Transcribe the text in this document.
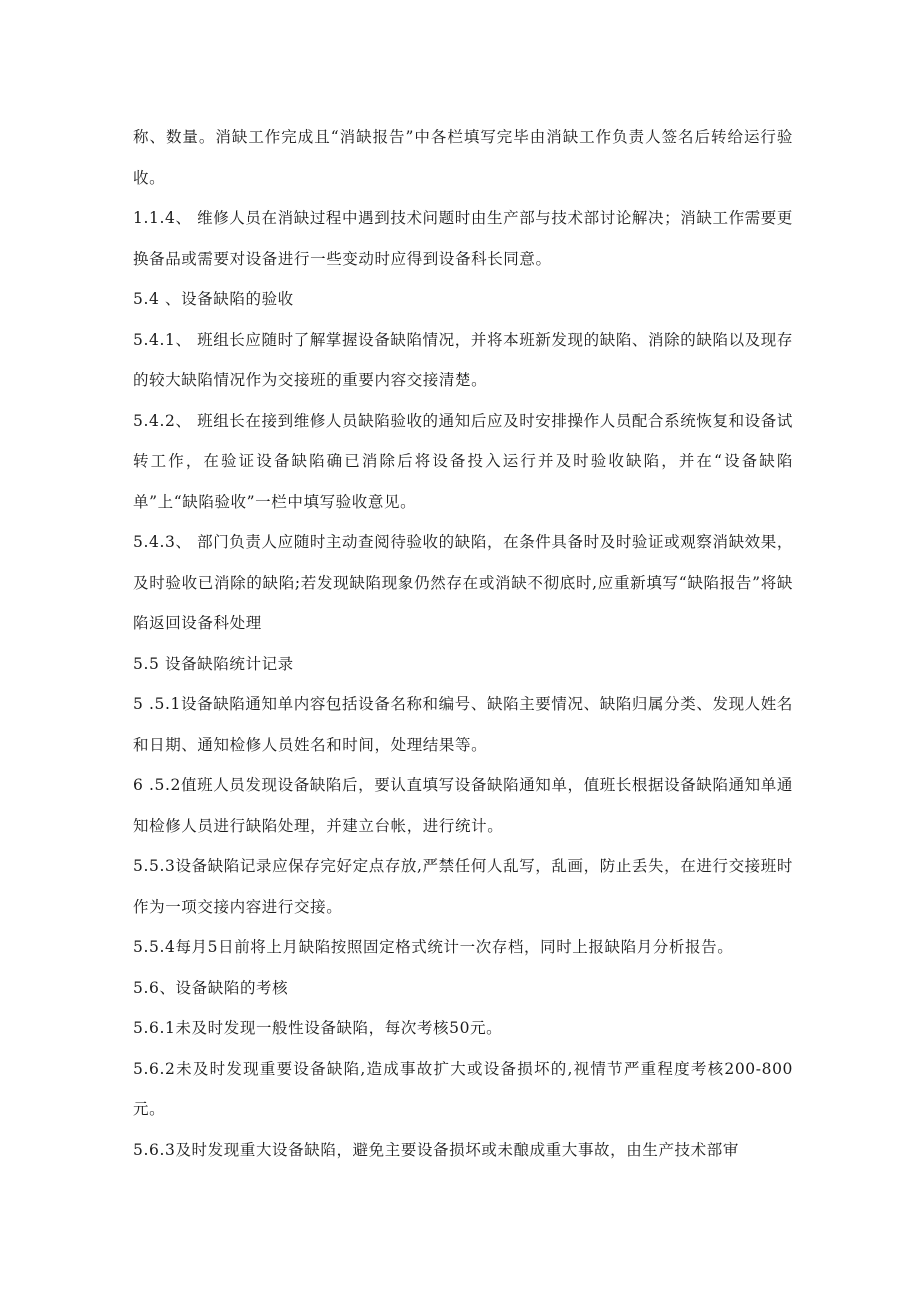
称、数量。消缺工作完成且“消缺报告”中各栏填写完毕由消缺工作负责人签名后转给运行验收。

1.1.4、 维修人员在消缺过程中遇到技术问题时由生产部与技术部讨论解决；消缺工作需要更换备品或需要对设备进行一些变动时应得到设备科长同意。

5.4 、设备缺陷的验收

5.4.1、 班组长应随时了解掌握设备缺陷情况，并将本班新发现的缺陷、消除的缺陷以及现存的较大缺陷情况作为交接班的重要内容交接清楚。

5.4.2、 班组长在接到维修人员缺陷验收的通知后应及时安排操作人员配合系统恢复和设备试转工作，在验证设备缺陷确已消除后将设备投入运行并及时验收缺陷，并在“设备缺陷单”上“缺陷验收”一栏中填写验收意见。

5.4.3、 部门负责人应随时主动查阅待验收的缺陷，在条件具备时及时验证或观察消缺效果，及时验收已消除的缺陷;若发现缺陷现象仍然存在或消缺不彻底时,应重新填写“缺陷报告”将缺陷返回设备科处理

5.5 设备缺陷统计记录

5 .5.1设备缺陷通知单内容包括设备名称和编号、缺陷主要情况、缺陷归属分类、发现人姓名和日期、通知检修人员姓名和时间，处理结果等。

6 .5.2值班人员发现设备缺陷后，要认直填写设备缺陷通知单，值班长根据设备缺陷通知单通知检修人员进行缺陷处理，并建立台帐，进行统计。

5.5.3设备缺陷记录应保存完好定点存放,严禁任何人乱写，乱画，防止丢失，在进行交接班时作为一项交接内容进行交接。

5.5.4每月5日前将上月缺陷按照固定格式统计一次存档，同时上报缺陷月分析报告。

5.6、设备缺陷的考核

5.6.1未及时发现一般性设备缺陷，每次考核50元。

5.6.2未及时发现重要设备缺陷,造成事故扩大或设备损坏的,视情节严重程度考核200-800元。

5.6.3及时发现重大设备缺陷，避免主要设备损坏或未酿成重大事故，由生产技术部审
